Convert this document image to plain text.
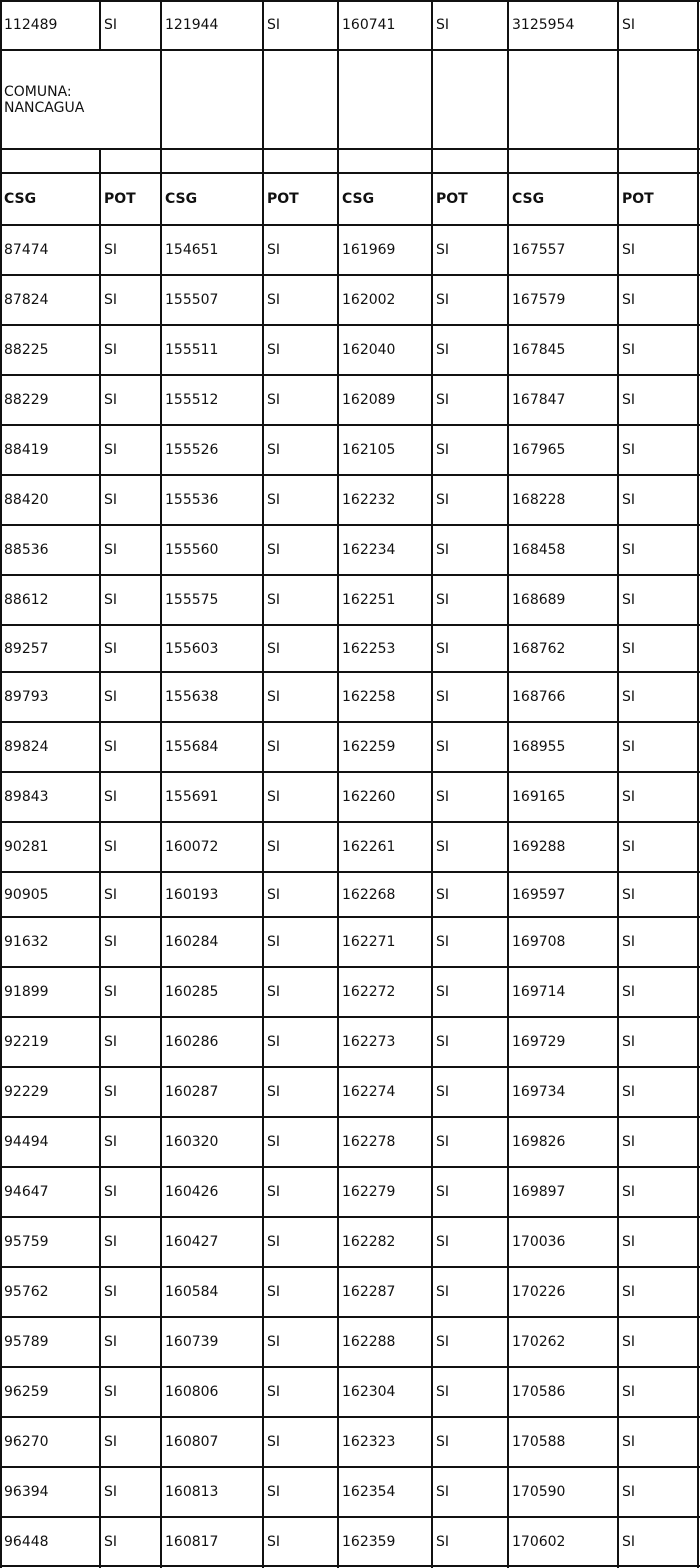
112489	SI	121944	SI	160741	SI	3125954	SI
COMUNA:
NANCAGUA
CSG	POT	CSG	POT	CSG	POT	CSG	POT
87474	SI	154651	SI	161969	SI	167557	SI
87824	SI	155507	SI	162002	SI	167579	SI
88225	SI	155511	SI	162040	SI	167845	SI
88229	SI	155512	SI	162089	SI	167847	SI
88419	SI	155526	SI	162105	SI	167965	SI
88420	SI	155536	SI	162232	SI	168228	SI
88536	SI	155560	SI	162234	SI	168458	SI
88612	SI	155575	SI	162251	SI	168689	SI
89257	SI	155603	SI	162253	SI	168762	SI
89793	SI	155638	SI	162258	SI	168766	SI
89824	SI	155684	SI	162259	SI	168955	SI
89843	SI	155691	SI	162260	SI	169165	SI
90281	SI	160072	SI	162261	SI	169288	SI
90905	SI	160193	SI	162268	SI	169597	SI
91632	SI	160284	SI	162271	SI	169708	SI
91899	SI	160285	SI	162272	SI	169714	SI
92219	SI	160286	SI	162273	SI	169729	SI
92229	SI	160287	SI	162274	SI	169734	SI
94494	SI	160320	SI	162278	SI	169826	SI
94647	SI	160426	SI	162279	SI	169897	SI
95759	SI	160427	SI	162282	SI	170036	SI
95762	SI	160584	SI	162287	SI	170226	SI
95789	SI	160739	SI	162288	SI	170262	SI
96259	SI	160806	SI	162304	SI	170586	SI
96270	SI	160807	SI	162323	SI	170588	SI
96394	SI	160813	SI	162354	SI	170590	SI
96448	SI	160817	SI	162359	SI	170602	SI
